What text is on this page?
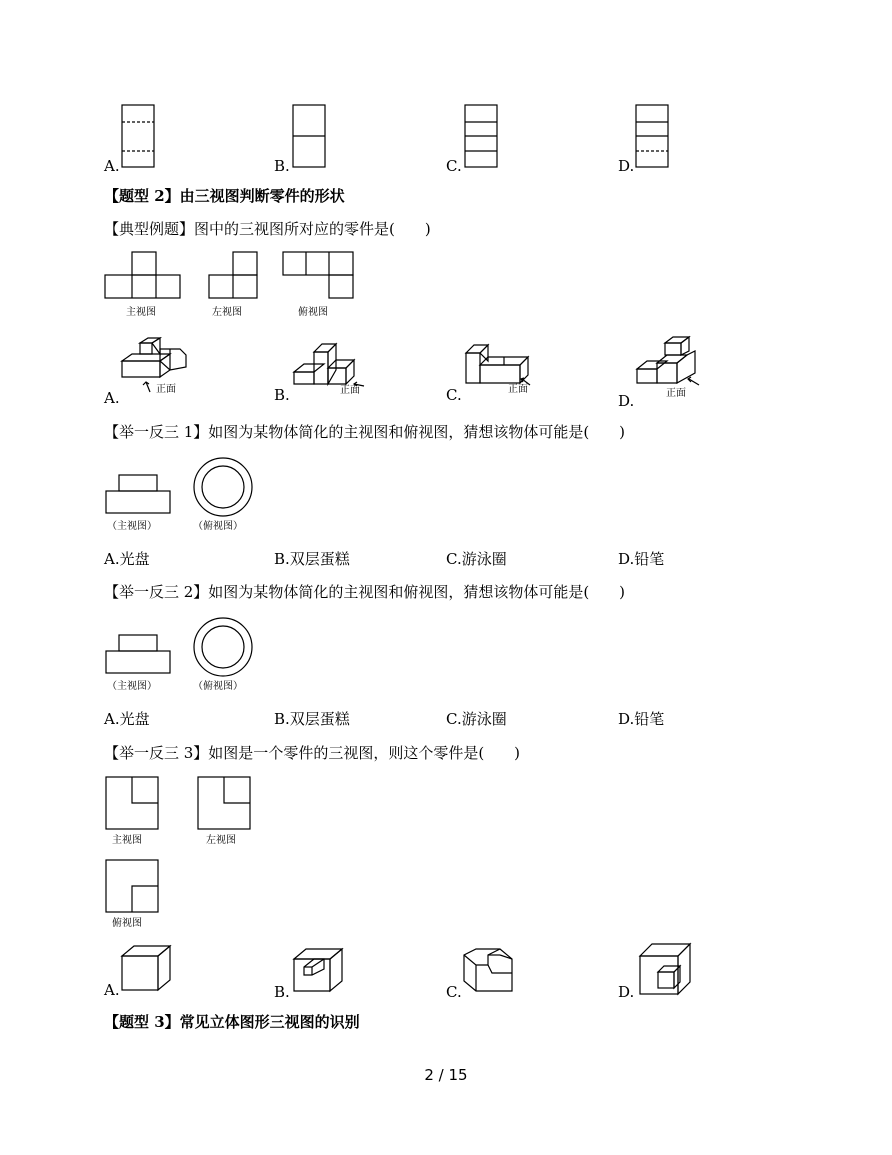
A.	B.	C.	D.
【题型 2】由三视图判断零件的形状
【典型例题】图中的三视图所对应的零件是(　　)
主视图	左视图	俯视图
正面
A.	正面
B.	正面
C.	正面
D.
【举一反三 1】如图为某物体简化的主视图和俯视图，猜想该物体可能是(　　)
（主视图）	（俯视图）
A.光盘	B.双层蛋糕	C.游泳圈	D.铅笔
【举一反三 2】如图为某物体简化的主视图和俯视图，猜想该物体可能是(　　)
（主视图）	（俯视图）
A.光盘	B.双层蛋糕	C.游泳圈	D.铅笔
【举一反三 3】如图是一个零件的三视图，则这个零件是(　　)
主视图	左视图
俯视图
A.	B.	C.	D.
【题型 3】常见立体图形三视图的识别
2 / 15
